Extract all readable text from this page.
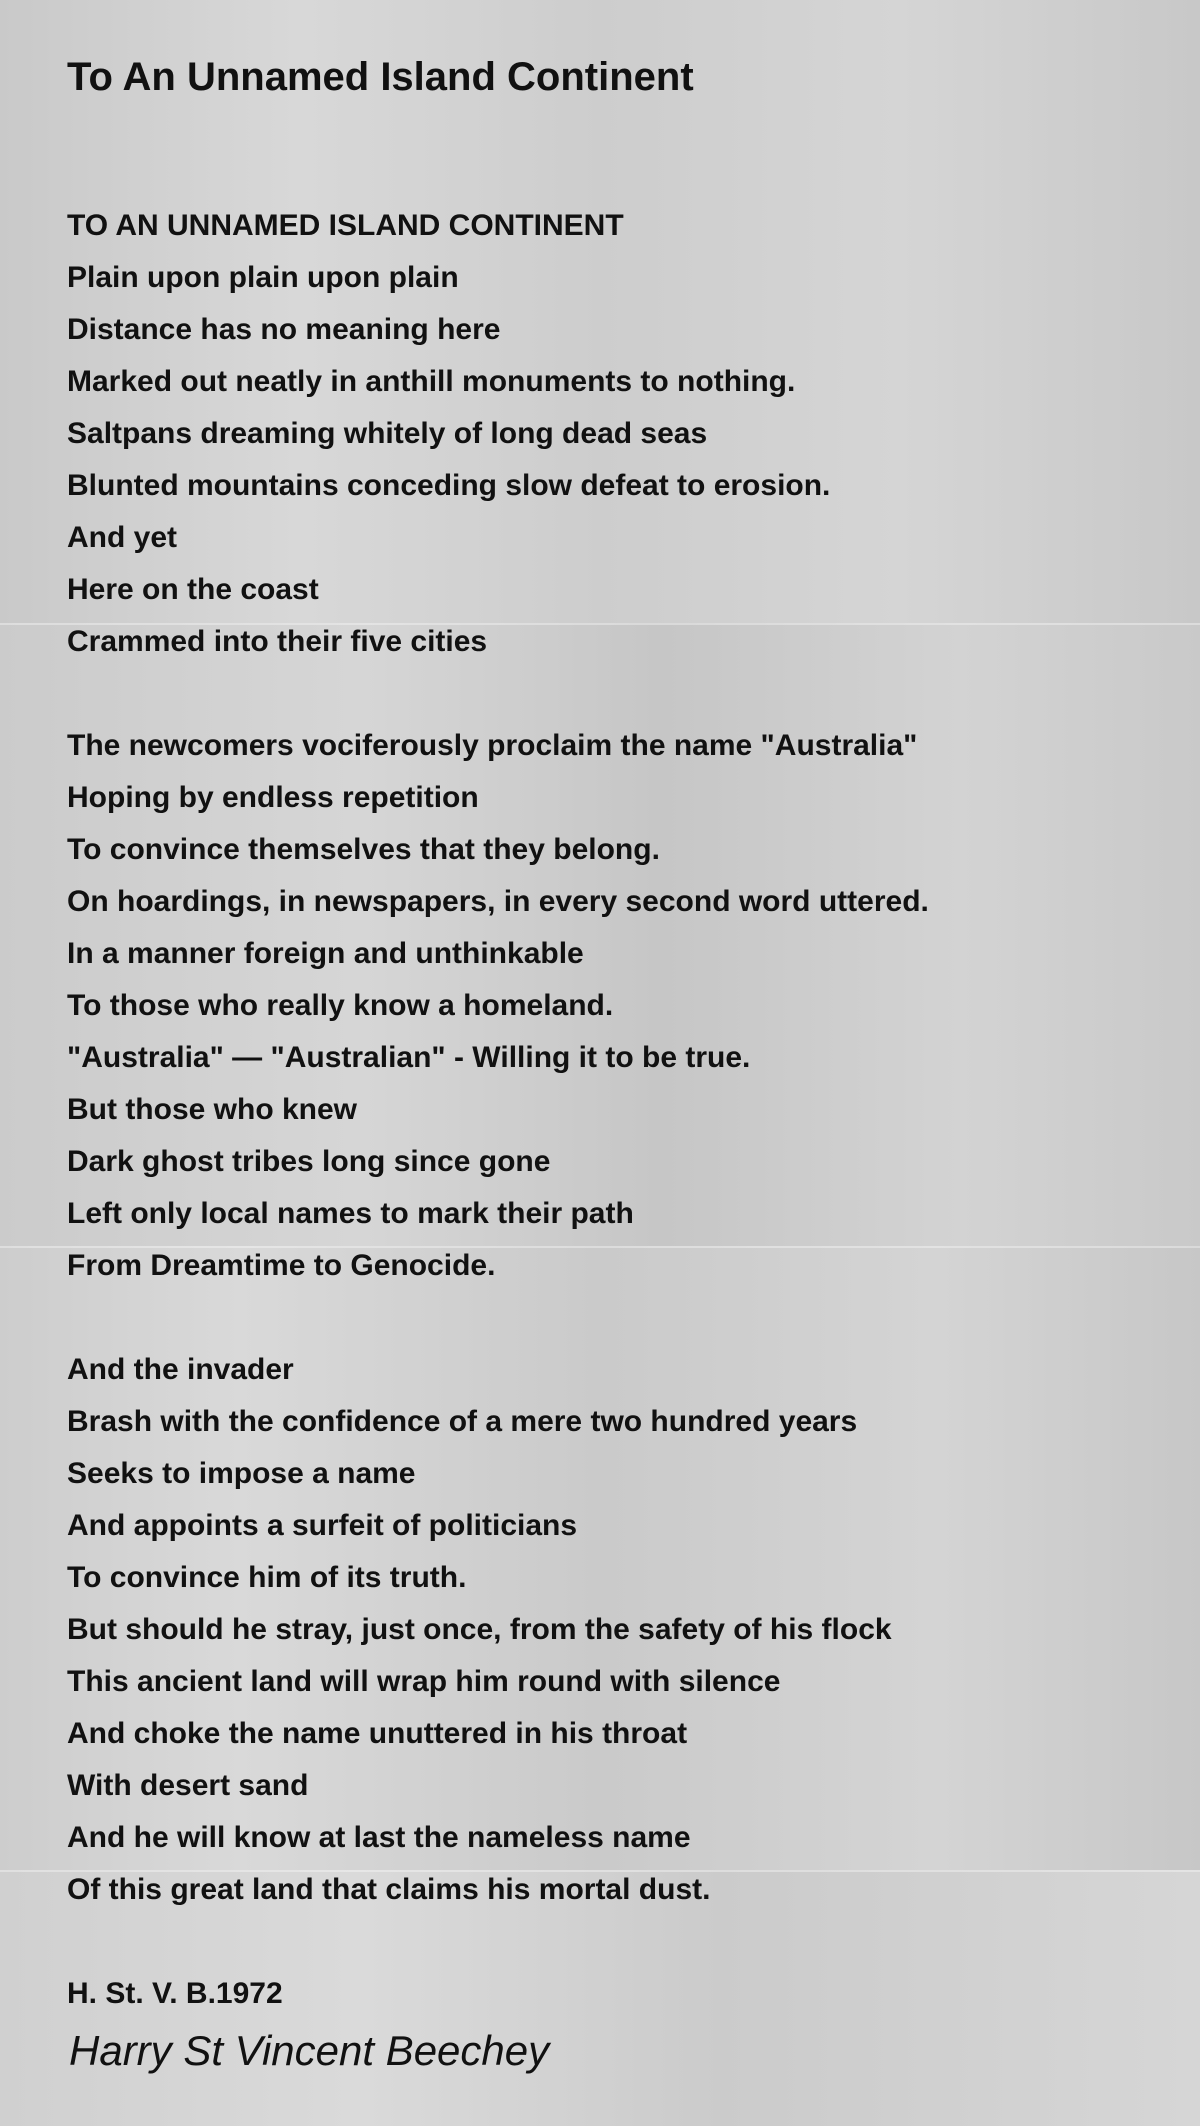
To An Unnamed Island Continent
TO AN UNNAMED ISLAND CONTINENT
Plain upon plain upon plain
Distance has no meaning here
Marked out neatly in anthill monuments to nothing.
Saltpans dreaming whitely of long dead seas
Blunted mountains conceding slow defeat to erosion.
And yet
Here on the coast
Crammed into their five cities
The newcomers vociferously proclaim the name "Australia"
Hoping by endless repetition
To convince themselves that they belong.
On hoardings, in newspapers, in every second word uttered.
In a manner foreign and unthinkable
To those who really know a homeland.
"Australia" — "Australian" - Willing it to be true.
But those who knew
Dark ghost tribes long since gone
Left only local names to mark their path
From Dreamtime to Genocide.
And the invader
Brash with the confidence of a mere two hundred years
Seeks to impose a name
And appoints a surfeit of politicians
To convince him of its truth.
But should he stray, just once, from the safety of his flock
This ancient land will wrap him round with silence
And choke the name unuttered in his throat
With desert sand
And he will know at last the nameless name
Of this great land that claims his mortal dust.
H. St. V. B.1972
Harry St Vincent Beechey
